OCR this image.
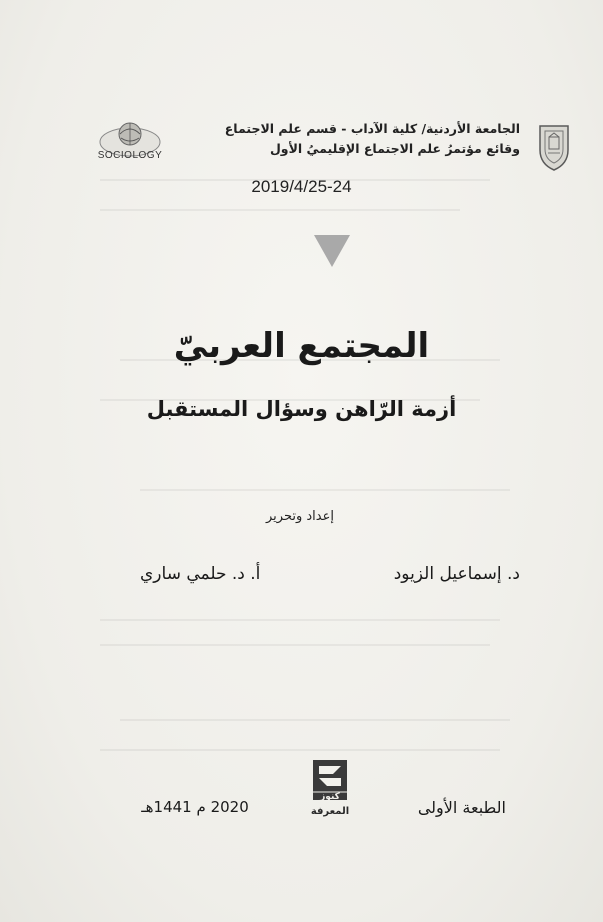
SOCIOLOGY
الجامعة الأردنية/ كلية الآداب - قسم علم الاجتماع
وقائع مؤتمرُ علم الاجتماع الإقليميُ الأول
2019/4/25-24
المجتمع العربيّ
أزمة الرّاهن وسؤال المستقبل
إعداد وتحرير
د. إسماعيل الزيود
أ. د. حلمي ساري
الطبعة الأولى
كنوز
المعرفة
2020 م 1441هـ
